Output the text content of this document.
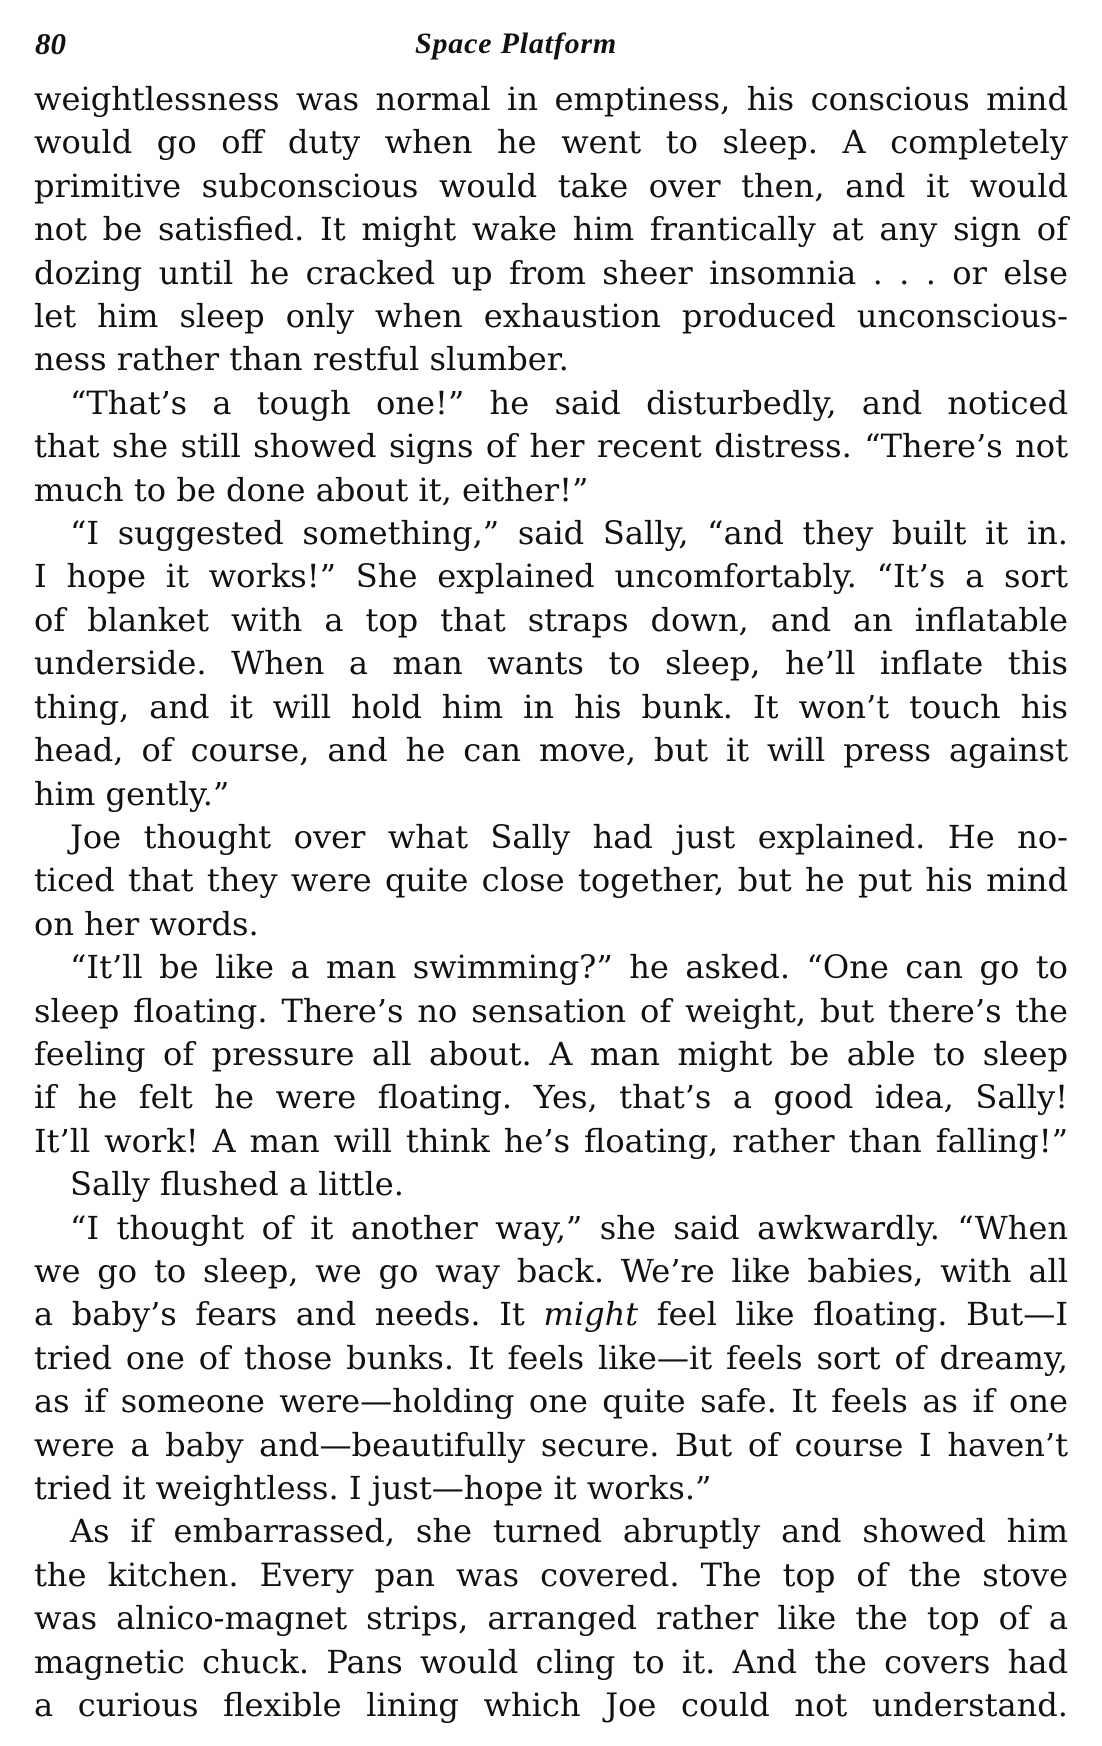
80	Space Platform

weightlessness was normal in emptiness, his conscious mind
would go off duty when he went to sleep. A completely
primitive subconscious would take over then, and it would
not be satisfied. It might wake him frantically at any sign of
dozing until he cracked up from sheer insomnia . . . or else
let him sleep only when exhaustion produced unconscious-
ness rather than restful slumber.

“That’s a tough one!” he said disturbedly, and noticed
that she still showed signs of her recent distress. “There’s not
much to be done about it, either!”

“I suggested something,” said Sally, “and they built it in.
I hope it works!” She explained uncomfortably. “It’s a sort
of blanket with a top that straps down, and an inflatable
underside. When a man wants to sleep, he’ll inflate this
thing, and it will hold him in his bunk. It won’t touch his
head, of course, and he can move, but it will press against
him gently.”

Joe thought over what Sally had just explained. He no-
ticed that they were quite close together, but he put his mind
on her words.

“It’ll be like a man swimming?” he asked. “One can go to
sleep floating. There’s no sensation of weight, but there’s the
feeling of pressure all about. A man might be able to sleep
if he felt he were floating. Yes, that’s a good idea, Sally!
It’ll work! A man will think he’s floating, rather than falling!”

Sally flushed a little.

“I thought of it another way,” she said awkwardly. “When
we go to sleep, we go way back. We’re like babies, with all
a baby’s fears and needs. It might feel like floating. But—I
tried one of those bunks. It feels like—it feels sort of dreamy,
as if someone were—holding one quite safe. It feels as if one
were a baby and—beautifully secure. But of course I haven’t
tried it weightless. I just—hope it works.”

As if embarrassed, she turned abruptly and showed him
the kitchen. Every pan was covered. The top of the stove
was alnico-magnet strips, arranged rather like the top of a
magnetic chuck. Pans would cling to it. And the covers had
a curious flexible lining which Joe could not understand.
